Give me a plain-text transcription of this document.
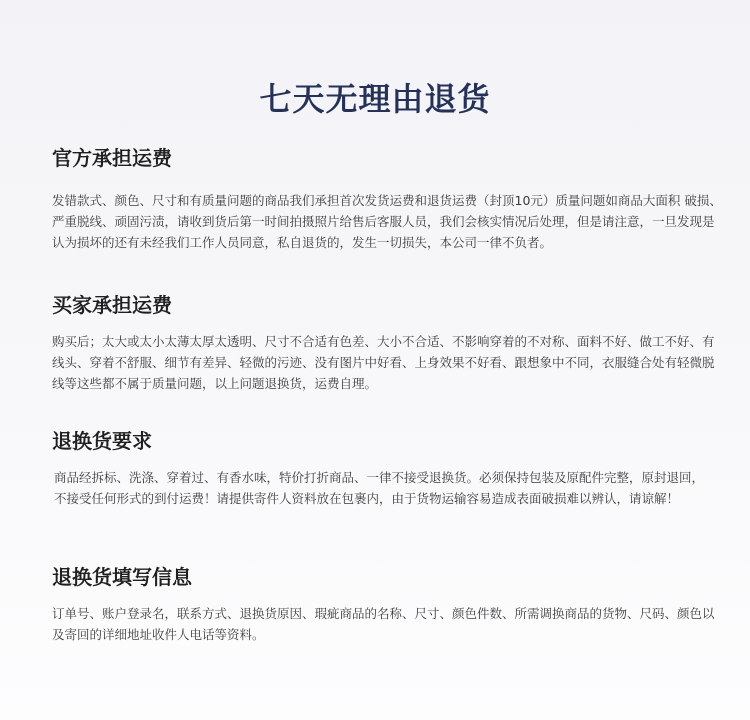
七天无理由退货
官方承担运费
发错款式、颜色、尺寸和有质量问题的商品我们承担首次发货运费和退货运费（封顶10元）质量问题如商品大面积 破损、严重脱线、顽固污渍，请收到货后第一时间拍摄照片给售后客服人员，我们会核实情况后处理，但是请注意，一旦发现是认为损坏的还有未经我们工作人员同意，私自退货的，发生一切损失，本公司一律不负者。
买家承担运费
购买后；太大或太小太薄太厚太透明、尺寸不合适有色差、大小不合适、不影响穿着的不对称、面料不好、做工不好、有线头、穿着不舒服、细节有差异、轻微的污迹、没有图片中好看、上身效果不好看、跟想象中不同，衣服缝合处有轻微脱线等这些都不属于质量问题，以上问题退换货，运费自理。
退换货要求
商品经拆标、洗涤、穿着过、有香水味，特价打折商品、一律不接受退换货。必须保持包装及原配件完整，原封退回，不接受任何形式的到付运费！请提供寄件人资料放在包裹内，由于货物运输容易造成表面破损难以辨认，请谅解！
退换货填写信息
订单号、账户登录名，联系方式、退换货原因、瑕疵商品的名称、尺寸、颜色件数、所需调换商品的货物、尺码、颜色以及寄回的详细地址收件人电话等资料。
